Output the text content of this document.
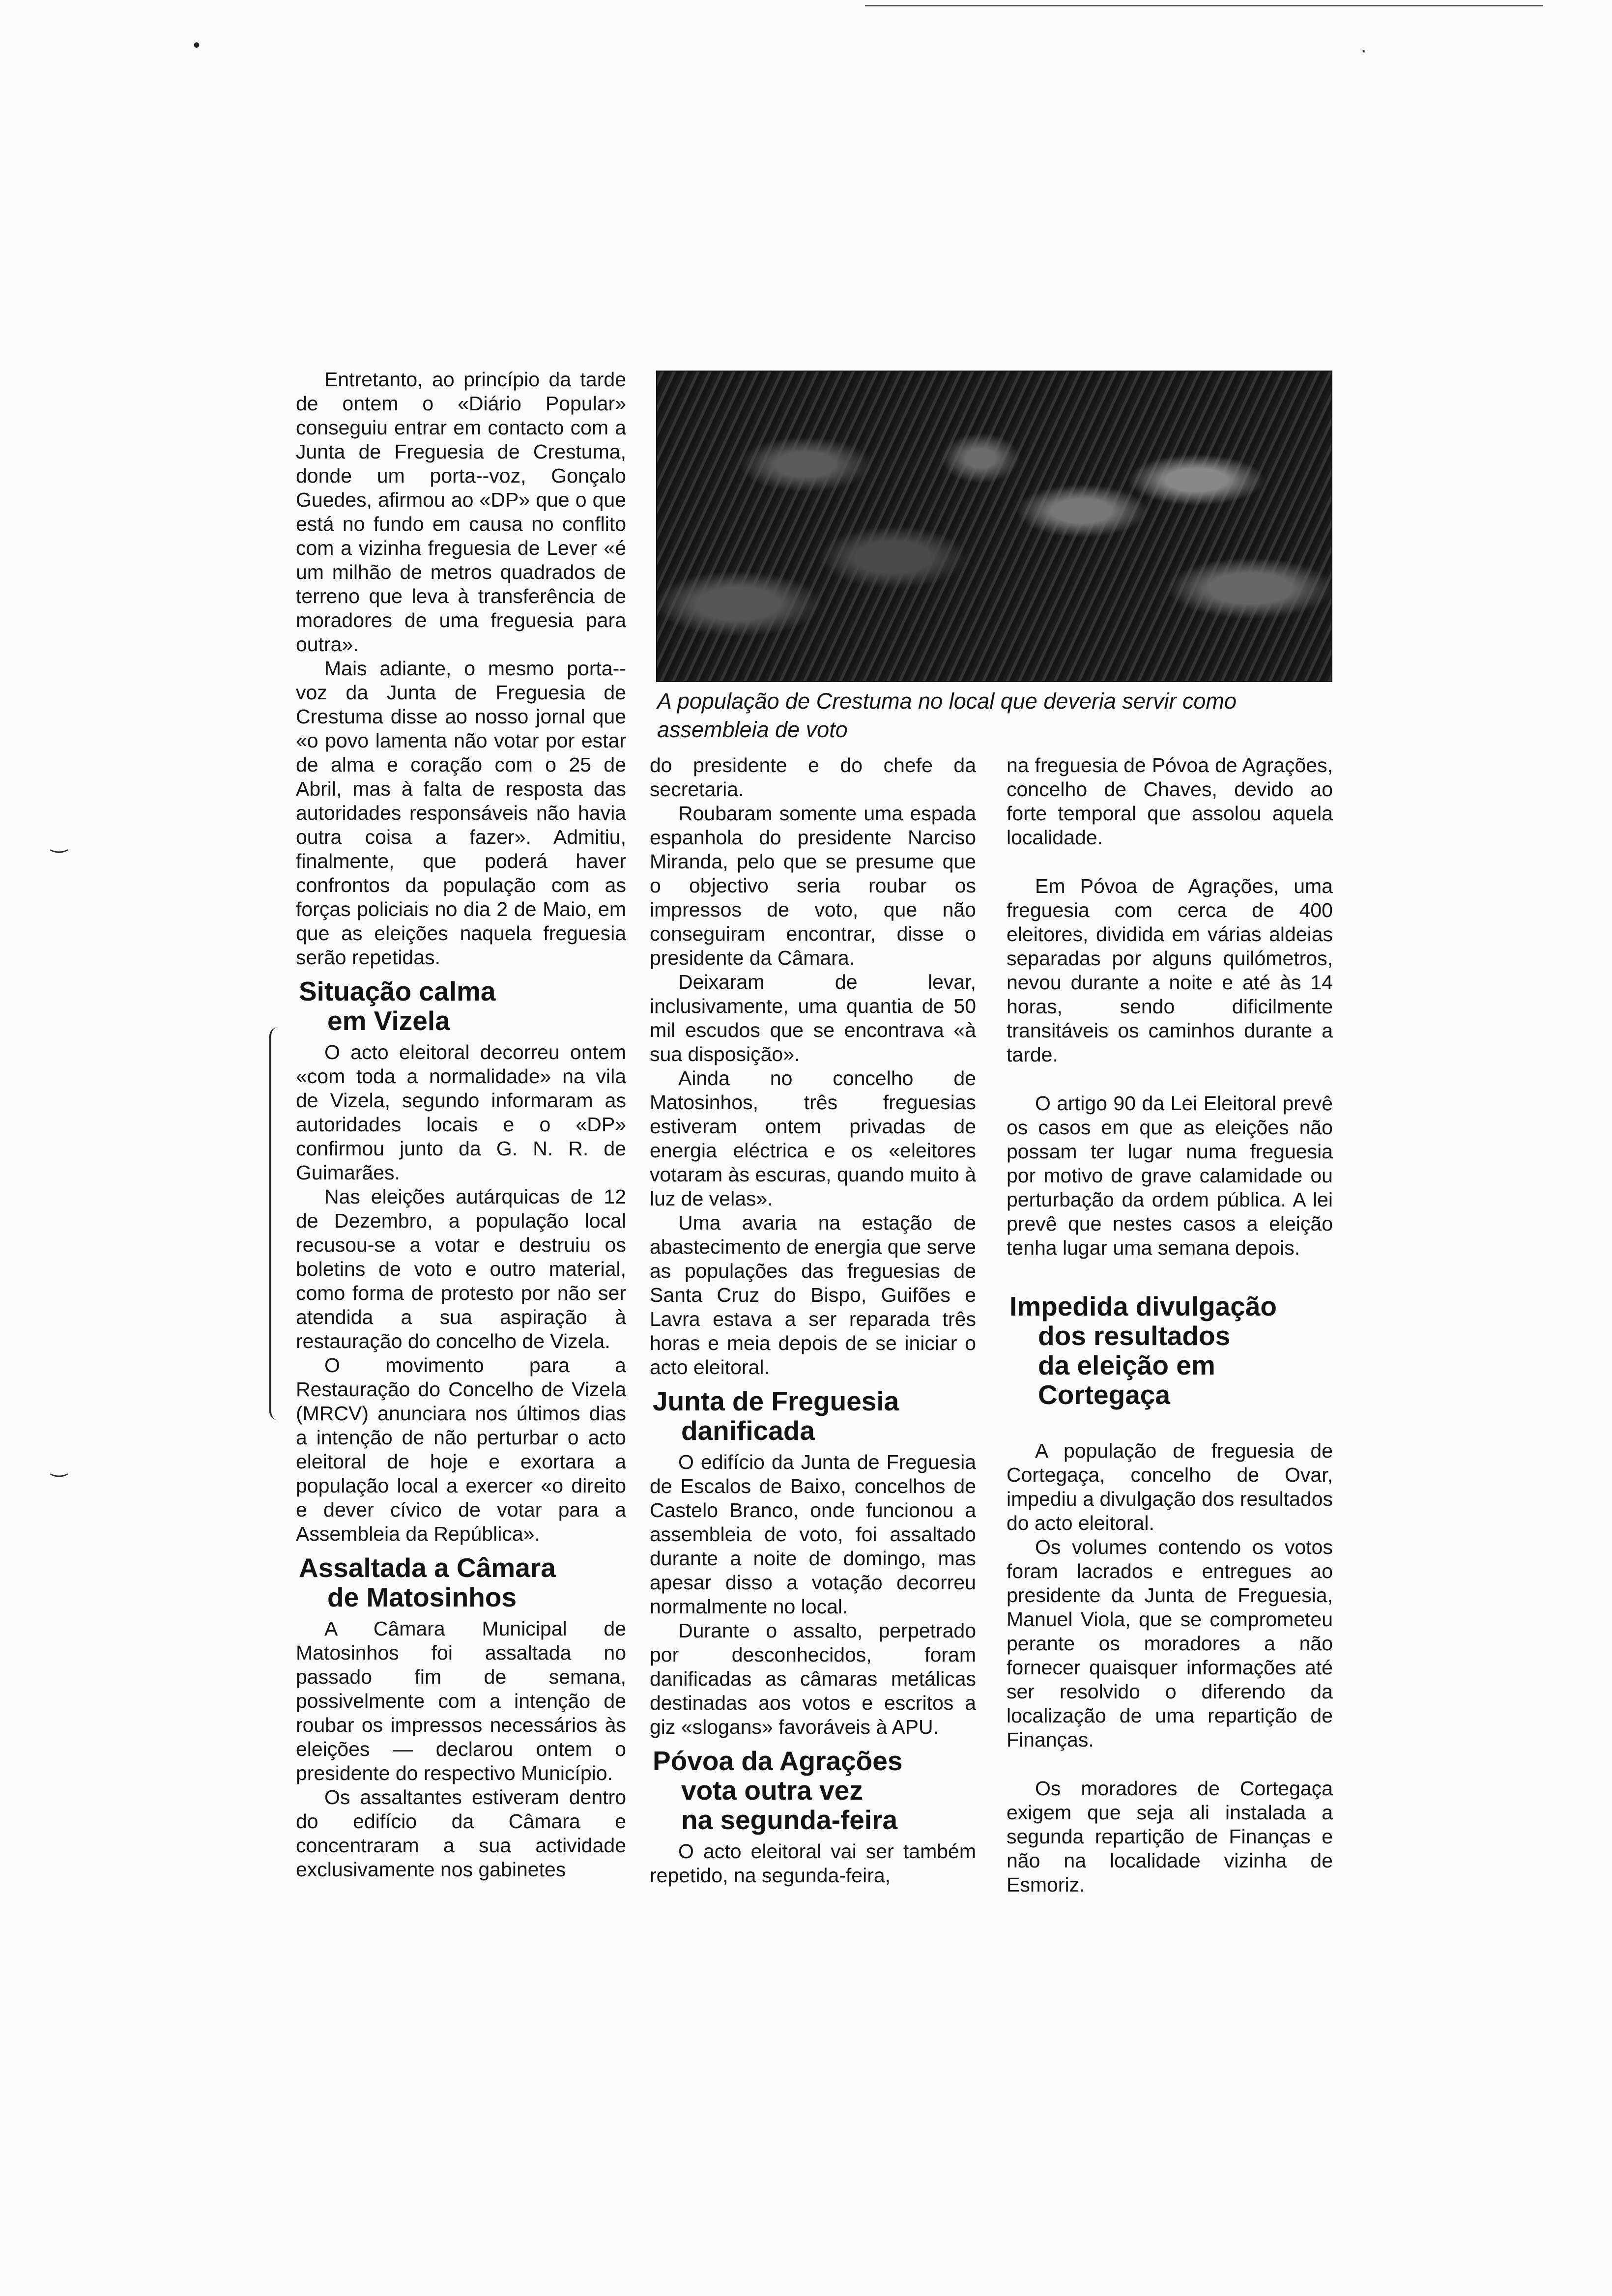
•	·
‿
‿
A população de Crestuma no local que deveria servir como assembleia de voto

Entretanto, ao princípio da tarde de ontem o «Diário Popular» conseguiu entrar em contacto com a Junta de Freguesia de Crestuma, donde um porta--voz, Gonçalo Guedes, afirmou ao «DP» que o que está no fundo em causa no conflito com a vizinha freguesia de Lever «é um milhão de metros quadrados de terreno que leva à transferência de moradores de uma freguesia para outra».

Mais adiante, o mesmo porta--voz da Junta de Freguesia de Crestuma disse ao nosso jornal que «o povo lamenta não votar por estar de alma e coração com o 25 de Abril, mas à falta de resposta das autoridades responsáveis não havia outra coisa a fazer». Admitiu, finalmente, que poderá haver confrontos da população com as forças policiais no dia 2 de Maio, em que as eleições naquela freguesia serão repetidas.

Situação calma
em Vizela

O acto eleitoral decorreu ontem «com toda a normalidade» na vila de Vizela, segundo informaram as autoridades locais e o «DP» confirmou junto da G. N. R. de Guimarães.

Nas eleições autárquicas de 12 de Dezembro, a população local recusou-se a votar e destruiu os boletins de voto e outro material, como forma de protesto por não ser atendida a sua aspiração à restauração do concelho de Vizela.

O movimento para a Restauração do Concelho de Vizela (MRCV) anunciara nos últimos dias a intenção de não perturbar o acto eleitoral de hoje e exortara a população local a exercer «o direito e dever cívico de votar para a Assembleia da República».

Assaltada a Câmara
de Matosinhos

A Câmara Municipal de Matosinhos foi assaltada no passado fim de semana, possivelmente com a intenção de roubar os impressos necessários às eleições — declarou ontem o presidente do respectivo Município.

Os assaltantes estiveram dentro do edifício da Câmara e concentraram a sua actividade exclusivamente nos gabinetes

do presidente e do chefe da secretaria.

Roubaram somente uma espada espanhola do presidente Narciso Miranda, pelo que se presume que o objectivo seria roubar os impressos de voto, que não conseguiram encontrar, disse o presidente da Câmara.

Deixaram de levar, inclusivamente, uma quantia de 50 mil escudos que se encontrava «à sua disposição».

Ainda no concelho de Matosinhos, três freguesias estiveram ontem privadas de energia eléctrica e os «eleitores votaram às escuras, quando muito à luz de velas».

Uma avaria na estação de abastecimento de energia que serve as populações das freguesias de Santa Cruz do Bispo, Guifões e Lavra estava a ser reparada três horas e meia depois de se iniciar o acto eleitoral.

Junta de Freguesia
danificada

O edifício da Junta de Freguesia de Escalos de Baixo, concelhos de Castelo Branco, onde funcionou a assembleia de voto, foi assaltado durante a noite de domingo, mas apesar disso a votação decorreu normalmente no local.

Durante o assalto, perpetrado por desconhecidos, foram danificadas as câmaras metálicas destinadas aos votos e escritos a giz «slogans» favoráveis à APU.

Póvoa da Agrações
vota outra vez
na segunda-feira

O acto eleitoral vai ser também repetido, na segunda-feira,

na freguesia de Póvoa de Agrações, concelho de Chaves, devido ao forte temporal que assolou aquela localidade.

Em Póvoa de Agrações, uma freguesia com cerca de 400 eleitores, dividida em várias aldeias separadas por alguns quilómetros, nevou durante a noite e até às 14 horas, sendo dificilmente transitáveis os caminhos durante a tarde.

O artigo 90 da Lei Eleitoral prevê os casos em que as eleições não possam ter lugar numa freguesia por motivo de grave calamidade ou perturbação da ordem pública. A lei prevê que nestes casos a eleição tenha lugar uma semana depois.

Impedida divulgação
dos resultados
da eleição em
Cortegaça

A população de freguesia de Cortegaça, concelho de Ovar, impediu a divulgação dos resultados do acto eleitoral.

Os volumes contendo os votos foram lacrados e entregues ao presidente da Junta de Freguesia, Manuel Viola, que se comprometeu perante os moradores a não fornecer quaisquer informações até ser resolvido o diferendo da localização de uma repartição de Finanças.

Os moradores de Cortegaça exigem que seja ali instalada a segunda repartição de Finanças e não na localidade vizinha de Esmoriz.
